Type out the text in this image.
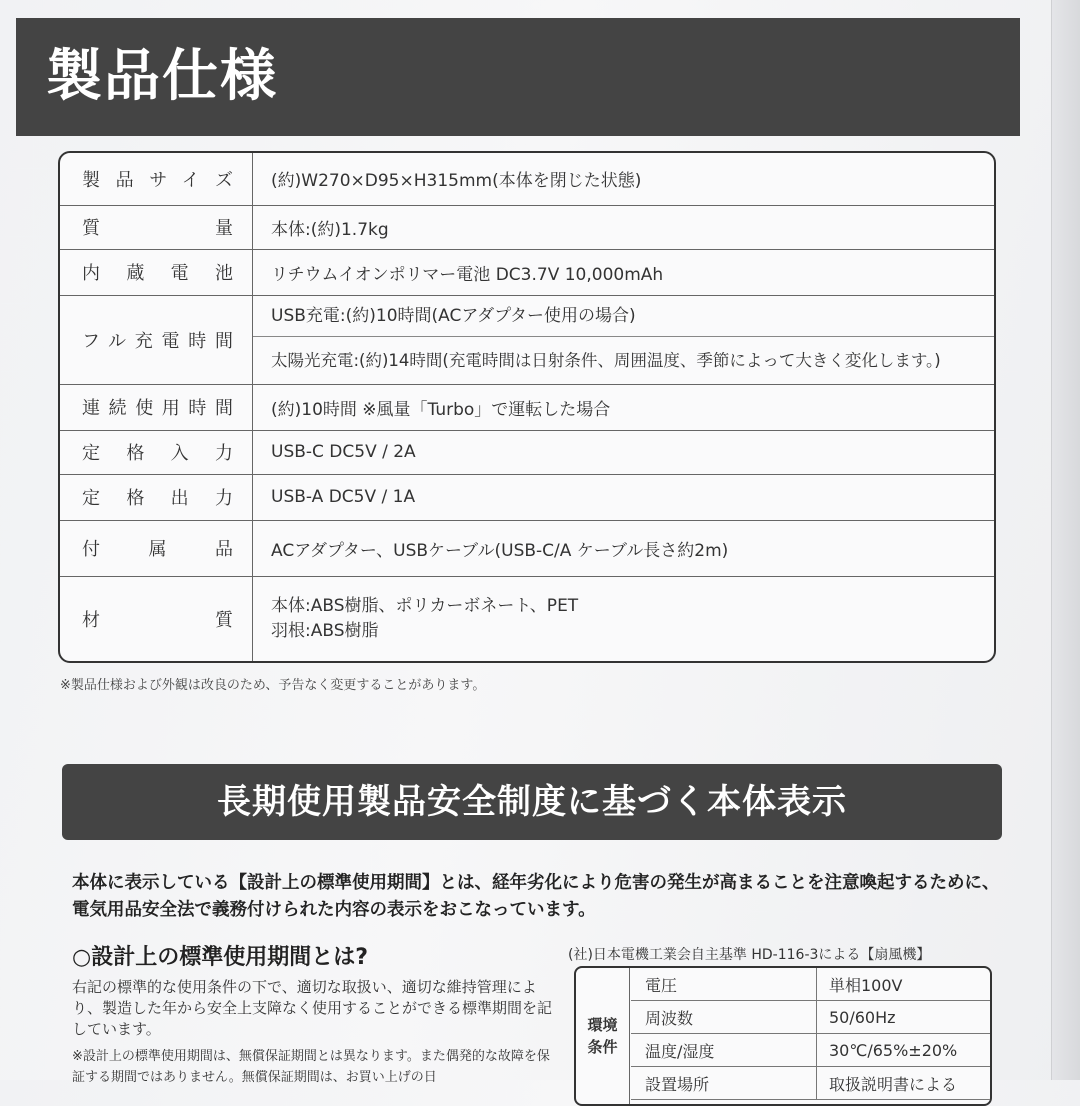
製品仕様
製品サイズ	(約)W270×D95×H315mm(本体を閉じた状態)
質量	本体:(約)1.7kg
内蔵電池	リチウムイオンポリマー電池 DC3.7V 10,000mAh
フル充電時間	USB充電:(約)10時間(ACアダプター使用の場合)
太陽光充電:(約)14時間(充電時間は日射条件、周囲温度、季節によって大きく変化します。)

連続使用時間	(約)10時間 ※風量「Turbo」で運転した場合
定格入力	USB-C DC5V / 2A
定格出力	USB-A DC5V / 1A
付属品	ACアダプター、USBケーブル(USB-C/A ケーブル長さ約2m)
材質	本体:ABS樹脂、ポリカーボネート、PET
羽根:ABS樹脂
※製品仕様および外観は改良のため、予告なく変更することがあります。
長期使用製品安全制度に基づく本体表示
本体に表示している【設計上の標準使用期間】とは、経年劣化により危害の発生が高まることを注意喚起するために、電気用品安全法で義務付けられた内容の表示をおこなっています。
○設計上の標準使用期間とは?
右記の標準的な使用条件の下で、適切な取扱い、適切な維持管理により、製造した年から安全上支障なく使用することができる標準期間を記しています。
※設計上の標準使用期間は、無償保証期間とは異なります。また偶発的な故障を保証する期間ではありません。無償保証期間は、お買い上げの日
(社)日本電機工業会自主基準 HD-116-3による【扇風機】
環境条件
電圧	単相100V
周波数	50/60Hz
温度/湿度	30℃/65%±20%
設置場所	取扱説明書による
